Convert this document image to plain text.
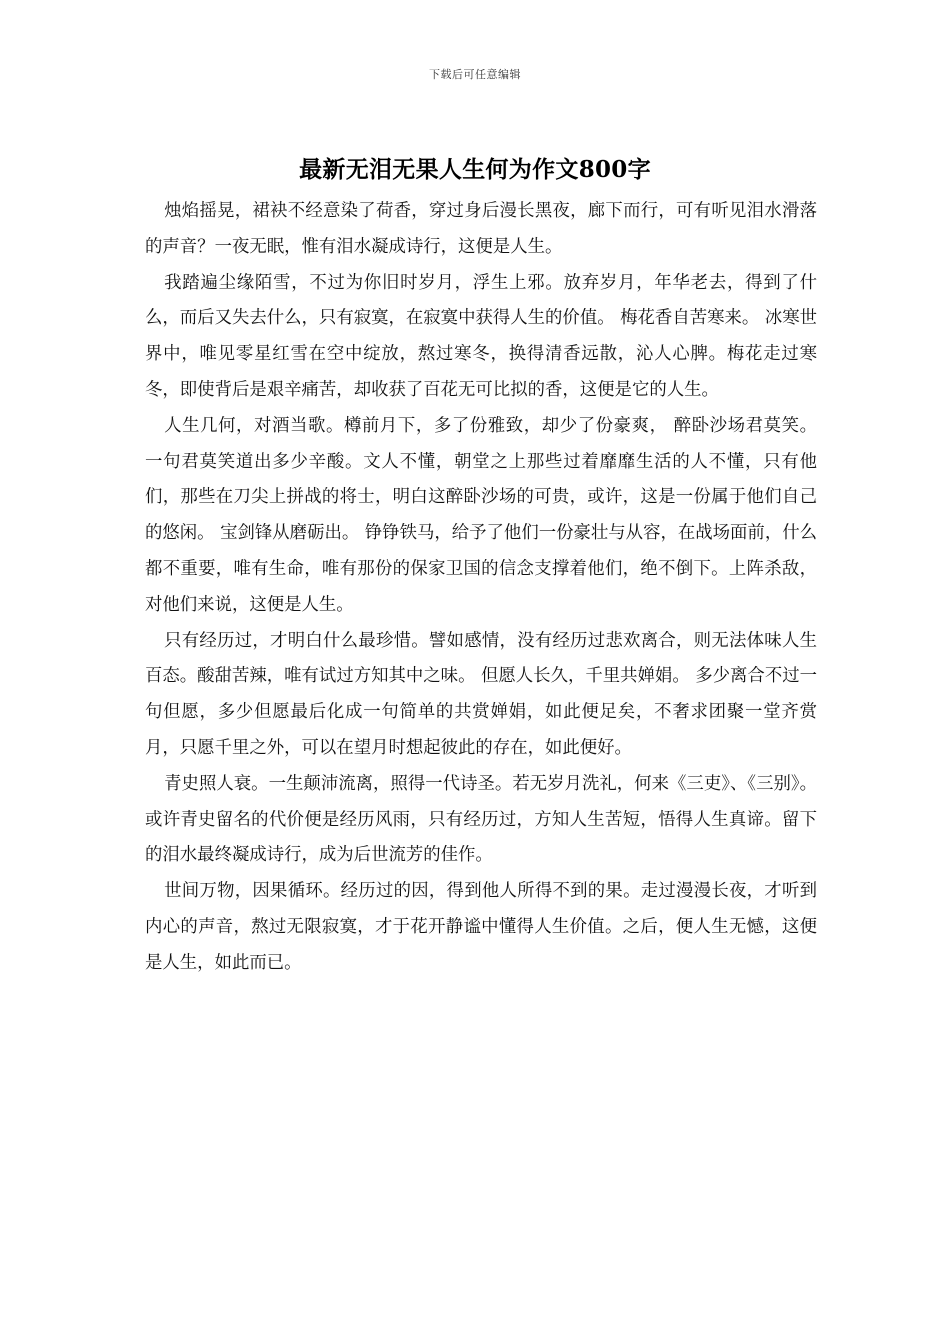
下载后可任意编辑
最新无泪无果人生何为作文800字

烛焰摇晃，裙袂不经意染了荷香，穿过身后漫长黑夜，廊下而行，可有听见泪水滑落的声音？一夜无眠，惟有泪水凝成诗行，这便是人生。

我踏遍尘缘陌雪，不过为你旧时岁月，浮生上邪。放弃岁月，年华老去，得到了什么，而后又失去什么，只有寂寞，在寂寞中获得人生的价值。 梅花香自苦寒来。 冰寒世界中，唯见零星红雪在空中绽放，熬过寒冬，换得清香远散，沁人心脾。梅花走过寒冬，即使背后是艰辛痛苦，却收获了百花无可比拟的香，这便是它的人生。

人生几何，对酒当歌。樽前月下，多了份雅致，却少了份豪爽， 醉卧沙场君莫笑。 一句君莫笑道出多少辛酸。文人不懂，朝堂之上那些过着靡靡生活的人不懂，只有他们，那些在刀尖上拼战的将士，明白这醉卧沙场的可贵，或许，这是一份属于他们自己的悠闲。 宝剑锋从磨砺出。 铮铮铁马，给予了他们一份豪壮与从容，在战场面前，什么都不重要，唯有生命，唯有那份的保家卫国的信念支撑着他们，绝不倒下。上阵杀敌，对他们来说，这便是人生。

只有经历过，才明白什么最珍惜。譬如感情，没有经历过悲欢离合，则无法体味人生百态。酸甜苦辣，唯有试过方知其中之味。 但愿人长久，千里共婵娟。 多少离合不过一句但愿，多少但愿最后化成一句简单的共赏婵娟，如此便足矣，不奢求团聚一堂齐赏月，只愿千里之外，可以在望月时想起彼此的存在，如此便好。

青史照人衰。一生颠沛流离，照得一代诗圣。若无岁月洗礼，何来《三吏》、《三别》。或许青史留名的代价便是经历风雨，只有经历过，方知人生苦短，悟得人生真谛。留下的泪水最终凝成诗行，成为后世流芳的佳作。

世间万物，因果循环。经历过的因，得到他人所得不到的果。走过漫漫长夜，才听到内心的声音，熬过无限寂寞，才于花开静谧中懂得人生价值。之后，便人生无憾，这便是人生，如此而已。
